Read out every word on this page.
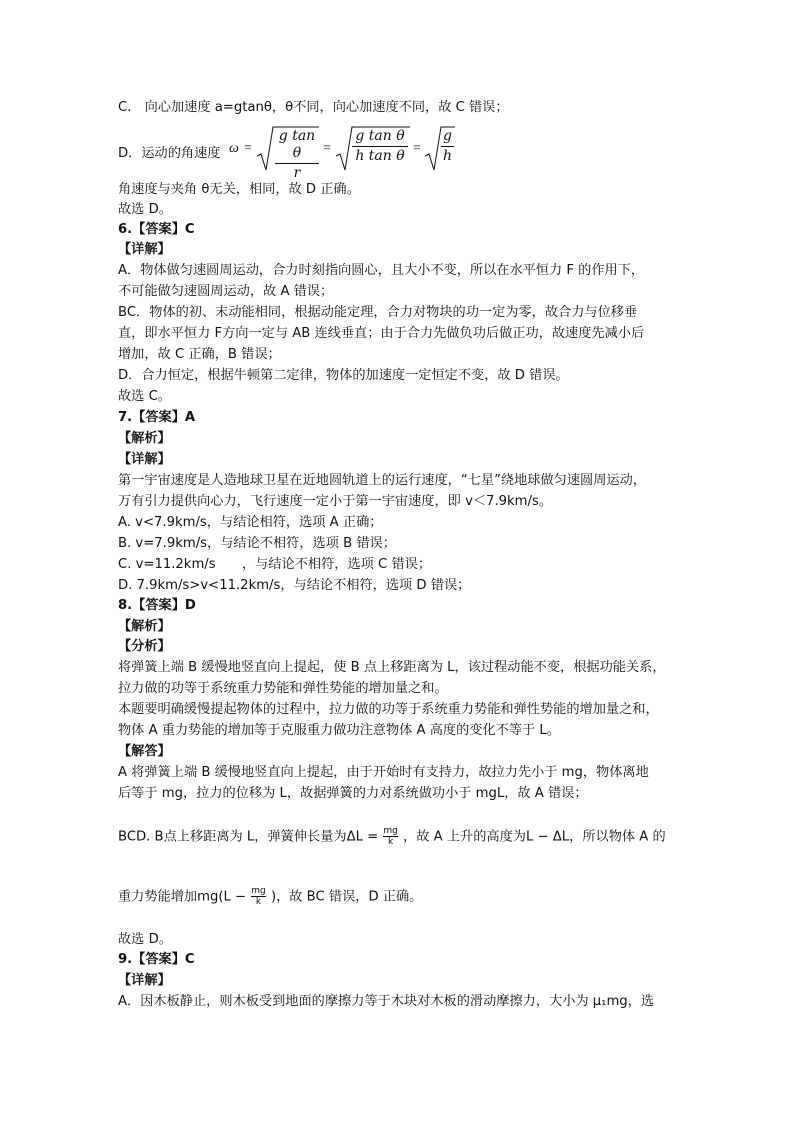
C.　向心加速度 a=gtanθ，θ不同，向心加速度不同，故 C 错误；
D．运动的角速度 ω =
g tan θ
r
=
g tan θ
h tan θ =
g
h
角速度与夹角 θ无关，相同，故 D 正确。
故选 D。
6.【答案】C
【详解】
A．物体做匀速圆周运动，合力时刻指向圆心，且大小不变，所以在水平恒力 F 的作用下，
不可能做匀速圆周运动，故 A 错误；
BC．物体的初、末动能相同，根据动能定理，合力对物块的功一定为零，故合力与位移垂
直，即水平恒力 F方向一定与 AB 连线垂直；由于合力先做负功后做正功，故速度先减小后
增加，故 C 正确，B 错误；
D．合力恒定，根据牛顿第二定律，物体的加速度一定恒定不变，故 D 错误。
故选 C。
7.【答案】A
【解析】
【详解】
第一宇宙速度是人造地球卫星在近地圆轨道上的运行速度，“七星”绕地球做匀速圆周运动，
万有引力提供向心力，飞行速度一定小于第一宇宙速度，即 v＜7.9km/s。
A. v<7.9km/s，与结论相符，选项 A 正确；
B. v=7.9km/s，与结论不相符，选项 B 错误；
C. v=11.2km/s　　，与结论不相符，选项 C 错误；
D. 7.9km/s>v<11.2km/s，与结论不相符，选项 D 错误；
8.【答案】D
【解析】
【分析】
将弹簧上端 B 缓慢地竖直向上提起，使 B 点上移距离为 L，该过程动能不变，根据功能关系，
拉力做的功等于系统重力势能和弹性势能的增加量之和。
本题要明确缓慢提起物体的过程中，拉力做的功等于系统重力势能和弹性势能的增加量之和，
物体 A 重力势能的增加等于克服重力做功注意物体 A 高度的变化不等于 L。
【解答】
A 将弹簧上端 B 缓慢地竖直向上提起，由于开始时有支持力，故拉力先小于 mg，物体离地
后等于 mg，拉力的位移为 L，故据弹簧的力对系统做功小于 mgL，故 A 错误；
BCD. B点上移距离为 L，弹簧伸长量为$\Delta L = \frac{mg}{k}$ ，故 A 上升的高度为L − ΔL，所以物体 A 的
重力势能增加$mg(L - \frac{mg}{k}$ )，故 BC 错误，D 正确。
故选 D。
9.【答案】C
【详解】
A．因木板静止，则木板受到地面的摩擦力等于木块对木板的滑动摩擦力，大小为 μ₁mg，选
